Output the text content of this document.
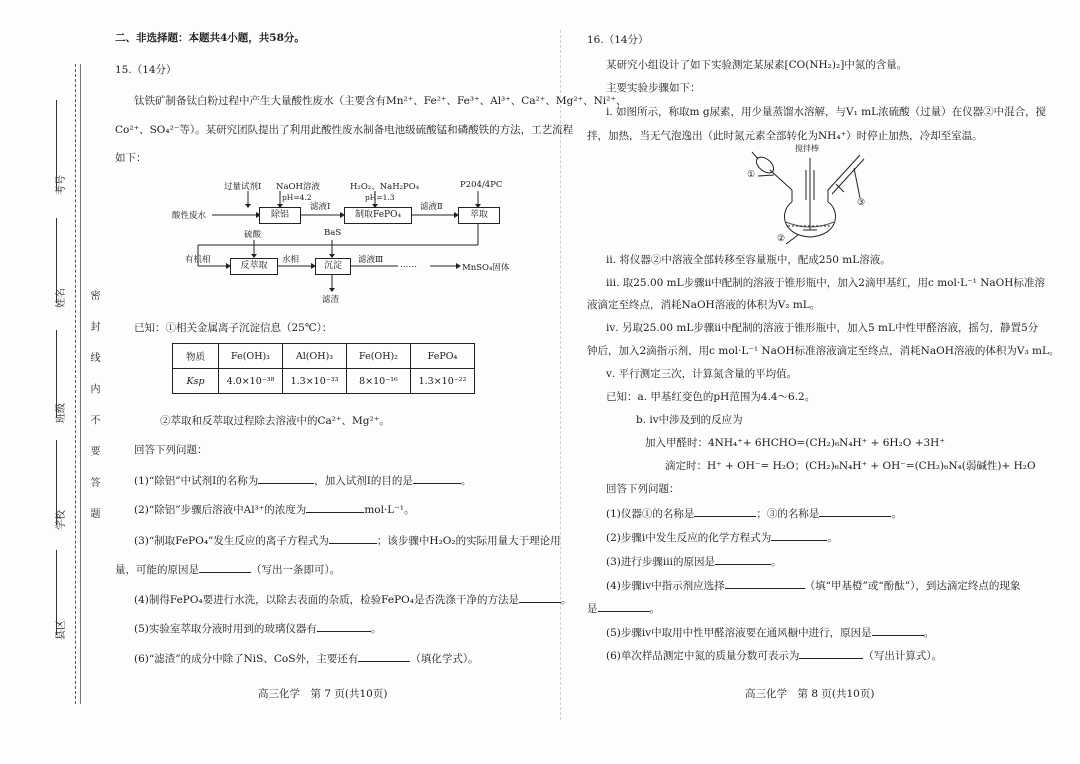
考号
姓名
班级
学校
县区
密 封 线 内 不 要 答 题
二、非选择题：本题共4小题，共58分。
15.（14分）
钛铁矿制备钛白粉过程中产生大量酸性废水（主要含有Mn²⁺、Fe²⁺、Fe³⁺、Al³⁺、Ca²⁺、Mg²⁺、Ni²⁺、
Co²⁺、SO₄²⁻等）。某研究团队提出了利用此酸性废水制备电池级硫酸锰和磷酸铁的方法，工艺流程
如下：
过量试剂Ⅰ NaOH溶液
pH=4.2
H₂O₂、NaH₂PO₄
pH=1.3
P204/4PC
酸性废水	除铝
滤液Ⅰ
制取FePO₄
滤液Ⅱ
萃取
硫酸	BaS
有机相
反萃取
水相
沉淀
滤液Ⅲ ……	MnSO₄固体
滤渣
已知：①相关金属离子沉淀信息（25℃）：
物质	Fe(OH)₃	Al(OH)₃	Fe(OH)₂	FePO₄
Ksp	4.0×10⁻³⁸	1.3×10⁻³³	8×10⁻¹⁶	1.3×10⁻²²
②萃取和反萃取过程除去溶液中的Ca²⁺、Mg²⁺。
回答下列问题：
(1)“除铝”中试剂Ⅰ的名称为	，加入试剂Ⅰ的目的是	。
(2)“除铝”步骤后溶液中Al³⁺的浓度为	mol·L⁻¹。
(3)“制取FePO₄”发生反应的离子方程式为	；该步骤中H₂O₂的实际用量大于理论用
量，可能的原因是	（写出一条即可）。
(4)制得FePO₄要进行水洗，以除去表面的杂质，检验FePO₄是否洗涤干净的方法是	。
(5)实验室萃取分液时用到的玻璃仪器有	。
(6)“滤渣”的成分中除了NiS、CoS外，主要还有	（填化学式）。
高三化学　第 7 页(共10页)
16.（14分）
某研究小组设计了如下实验测定某尿素[CO(NH₂)₂]中氮的含量。
主要实验步骤如下：
ⅰ. 如图所示，称取m g尿素，用少量蒸馏水溶解，与V₁ mL浓硫酸（过量）在仪器②中混合，搅
拌，加热，当无气泡逸出（此时氮元素全部转化为NH₄⁺）时停止加热，冷却至室温。
搅拌棒
①
②
③
ⅱ. 将仪器②中溶液全部转移至容量瓶中，配成250 mL溶液。
ⅲ. 取25.00 mL步骤ⅱ中配制的溶液于锥形瓶中，加入2滴甲基红，用c mol·L⁻¹ NaOH标准溶
液滴定至终点，消耗NaOH溶液的体积为V₂ mL。
ⅳ. 另取25.00 mL步骤ⅱ中配制的溶液于锥形瓶中，加入5 mL中性甲醛溶液，摇匀，静置5分
钟后，加入2滴指示剂，用c mol·L⁻¹ NaOH标准溶液滴定至终点，消耗NaOH溶液的体积为V₃ mL。
ⅴ. 平行测定三次，计算氮含量的平均值。
已知：a. 甲基红变色的pH范围为4.4～6.2。
b. ⅳ中涉及到的反应为
加入甲醛时：4NH₄⁺+ 6HCHO=(CH₂)₆N₄H⁺ + 6H₂O +3H⁺
滴定时：H⁺ + OH⁻= H₂O；(CH₂)₆N₄H⁺ + OH⁻=(CH₂)₆N₄(弱碱性)+ H₂O
回答下列问题：
(1)仪器①的名称是	；③的名称是	。
(2)步骤ⅰ中发生反应的化学方程式为	。
(3)进行步骤ⅲ的原因是	。
(4)步骤ⅳ中指示剂应选择	（填“甲基橙”或“酚酞”），到达滴定终点的现象
是	。
(5)步骤ⅳ中取用中性甲醛溶液要在通风橱中进行，原因是	。
(6)单次样品测定中氮的质量分数可表示为	（写出计算式）。
高三化学　第 8 页(共10页)
